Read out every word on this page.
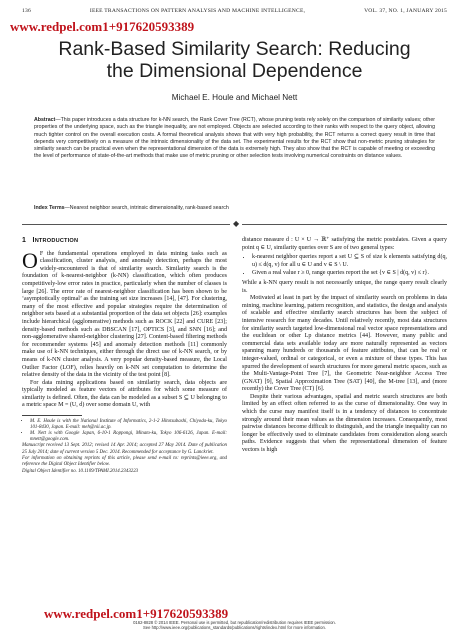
136	IEEE TRANSACTIONS ON PATTERN ANALYSIS AND MACHINE INTELLIGENCE,	VOL. 37, NO. 1, JANUARY 2015
www.redpel.com1+917620593389
Rank-Based Similarity Search: Reducing
the Dimensional Dependence
Michael E. Houle and Michael Nett
Abstract—This paper introduces a data structure for k-NN search, the Rank Cover Tree (RCT), whose pruning tests rely solely on the comparison of similarity values; other properties of the underlying space, such as the triangle inequality, are not employed. Objects are selected according to their ranks with respect to the query object, allowing much tighter control on the overall execution costs. A formal theoretical analysis shows that with very high probability, the RCT returns a correct query result in time that depends very competitively on a measure of the intrinsic dimensionality of the data set. The experimental results for the RCT show that non-metric pruning strategies for similarity search can be practical even when the representational dimension of the data is extremely high. They also show that the RCT is capable of meeting or exceeding the level of performance of state-of-the-art methods that make use of metric pruning or other selection tests involving numerical constraints on distance values.
Index Terms—Nearest neighbor search, intrinsic dimensionality, rank-based search
◆
1 INTRODUCTION

O F the fundamental operations employed in data mining tasks such as classification, cluster analysis, and anomaly detection, perhaps the most widely-encountered is that of similarity search. Similarity search is the foundation of k-nearest-neighbor (k-NN) classification, which often produces competitively-low error rates in practice, particularly when the number of classes is large [26]. The error rate of nearest-neighbor classification has been shown to be ‘asymptotically optimal’ as the training set size increases [14], [47]. For clustering, many of the most effective and popular strategies require the determination of neighbor sets based at a substantial proportion of the data set objects [26]: examples include hierarchical (agglomerative) methods such as ROCK [22] and CURE [23]; density-based methods such as DBSCAN [17], OPTICS [3], and SNN [16]; and non-agglomerative shared-neighbor clustering [27]. Content-based filtering methods for recommender systems [45] and anomaly detection methods [11] commonly make use of k-NN techniques, either through the direct use of k-NN search, or by means of k-NN cluster analysis. A very popular density-based measure, the Local Outlier Factor (LOF), relies heavily on k-NN set computation to determine the relative density of the data in the vicinity of the test point [8].

For data mining applications based on similarity search, data objects are typically modeled as feature vectors of attributes for which some measure of similarity is defined. Often, the data can be modeled as a subset S ⊆ U belonging to a metric space M = (U, d) over some domain U, with

• M. E. Houle is with the National Institute of Informatics, 2-1-2 Hitotsubashi, Chiyoda-ku, Tokyo 101-8430, Japan. E-mail: meh@nii.ac.jp.
• M. Nett is with Google Japan, 6-10-1 Roppongi, Minato-ku, Tokyo 106-6126, Japan. E-mail: mnett@google.com.

Manuscript received 13 Sept. 2012; revised 14 Apr. 2014; accepted 27 May 2014. Date of publication 25 July 2014; date of current version 5 Dec. 2014. Recommended for acceptance by G. Lanckriet.

For information on obtaining reprints of this article, please send e-mail to: reprints@ieee.org, and reference the Digital Object Identifier below.

Digital Object Identifier no. 10.1109/TPAMI.2014.2343223

distance measure d : U × U → ℝ⁺ satisfying the metric postulates. Given a query point q ∈ U, similarity queries over S are of two general types:

• k-nearest neighbor queries report a set U ⊆ S of size k elements satisfying d(q, u) ≤ d(q, v) for all u ∈ U and v ∈ S \ U.
• Given a real value r ≥ 0, range queries report the set {v ∈ S | d(q, v) ≤ r}.

While a k-NN query result is not necessarily unique, the range query result clearly is.

Motivated at least in part by the impact of similarity search on problems in data mining, machine learning, pattern recognition, and statistics, the design and analysis of scalable and effective similarity search structures has been the subject of intensive research for many decades. Until relatively recently, most data structures for similarity search targeted low-dimensional real vector space representations and the euclidean or other Lp distance metrics [44]. However, many public and commercial data sets available today are more naturally represented as vectors spanning many hundreds or thousands of feature attributes, that can be real or integer-valued, ordinal or categorical, or even a mixture of these types. This has spurred the development of search structures for more general metric spaces, such as the Multi-Vantage-Point Tree [7], the Geometric Near-neighbor Access Tree (GNAT) [9], Spatial Approximation Tree (SAT) [40], the M-tree [13], and (more recently) the Cover Tree (CT) [6].

Despite their various advantages, spatial and metric search structures are both limited by an effect often referred to as the curse of dimensionality. One way in which the curse may manifest itself is in a tendency of distances to concentrate strongly around their mean values as the dimension increases. Consequently, most pairwise distances become difficult to distinguish, and the triangle inequality can no longer be effectively used to eliminate candidates from consideration along search paths. Evidence suggests that when the representational dimension of feature vectors is high

www.redpel.com1+917620593389
0162-8828 © 2014 IEEE. Personal use is permitted, but republication/redistribution requires IEEE permission.
See http://www.ieee.org/publications_standards/publications/rights/index.html for more information.
